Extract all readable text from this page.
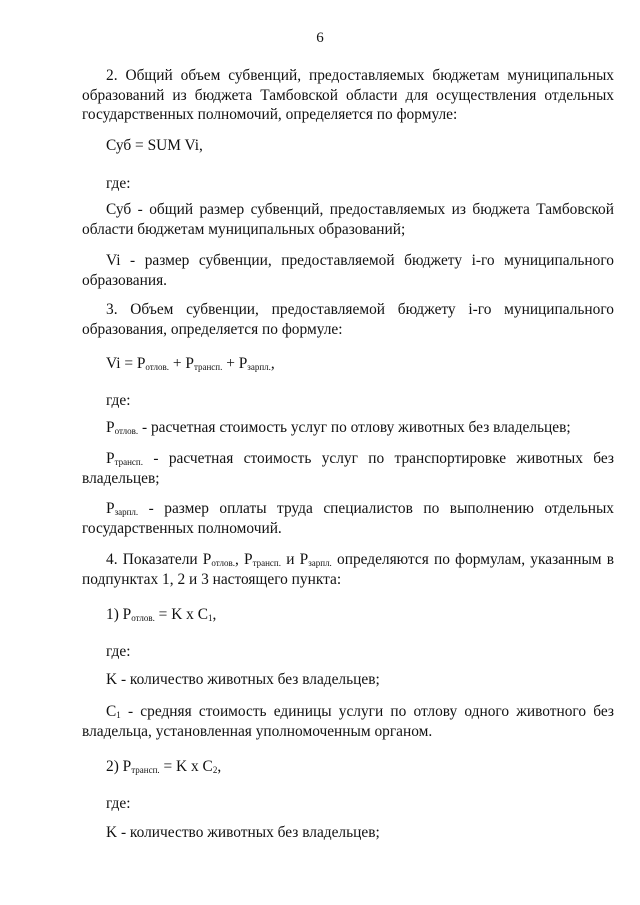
6
2. Общий объем субвенций, предоставляемых бюджетам муниципальных
образований из бюджета Тамбовской области для осуществления отдельных
государственных полномочий, определяется по формуле:
Суб = SUM Vi,
где:
Суб - общий размер субвенций, предоставляемых из бюджета Тамбовской
области бюджетам муниципальных образований;
Vi - размер субвенции, предоставляемой бюджету i-го муниципального
образования.
3. Объем субвенции, предоставляемой бюджету i-го муниципального
образования, определяется по формуле:
$Vi = P_{отлов.} + P_{трансп.} + P_{зарпл.}$,
где:
$P_{отлов.}$ - расчетная стоимость услуг по отлову животных без владельцев;
$P_{трансп.}$ - расчетная стоимость услуг по транспортировке животных без
владельцев;
$P_{зарпл.}$ - размер оплаты труда специалистов по выполнению отдельных
государственных полномочий.
4. Показатели $P_{отлов.}$, $P_{трансп.}$ и $P_{зарпл.}$ определяются по формулам, указанным в
подпунктах 1, 2 и 3 настоящего пункта:
1) $P_{отлов.} = K$ x $C_1$,
где:
K - количество животных без владельцев;
$C_1$ - средняя стоимость единицы услуги по отлову одного животного без
владельца, установленная уполномоченным органом.
2) $P_{трансп.} = K$ x $C_2$,
где:
K - количество животных без владельцев;
